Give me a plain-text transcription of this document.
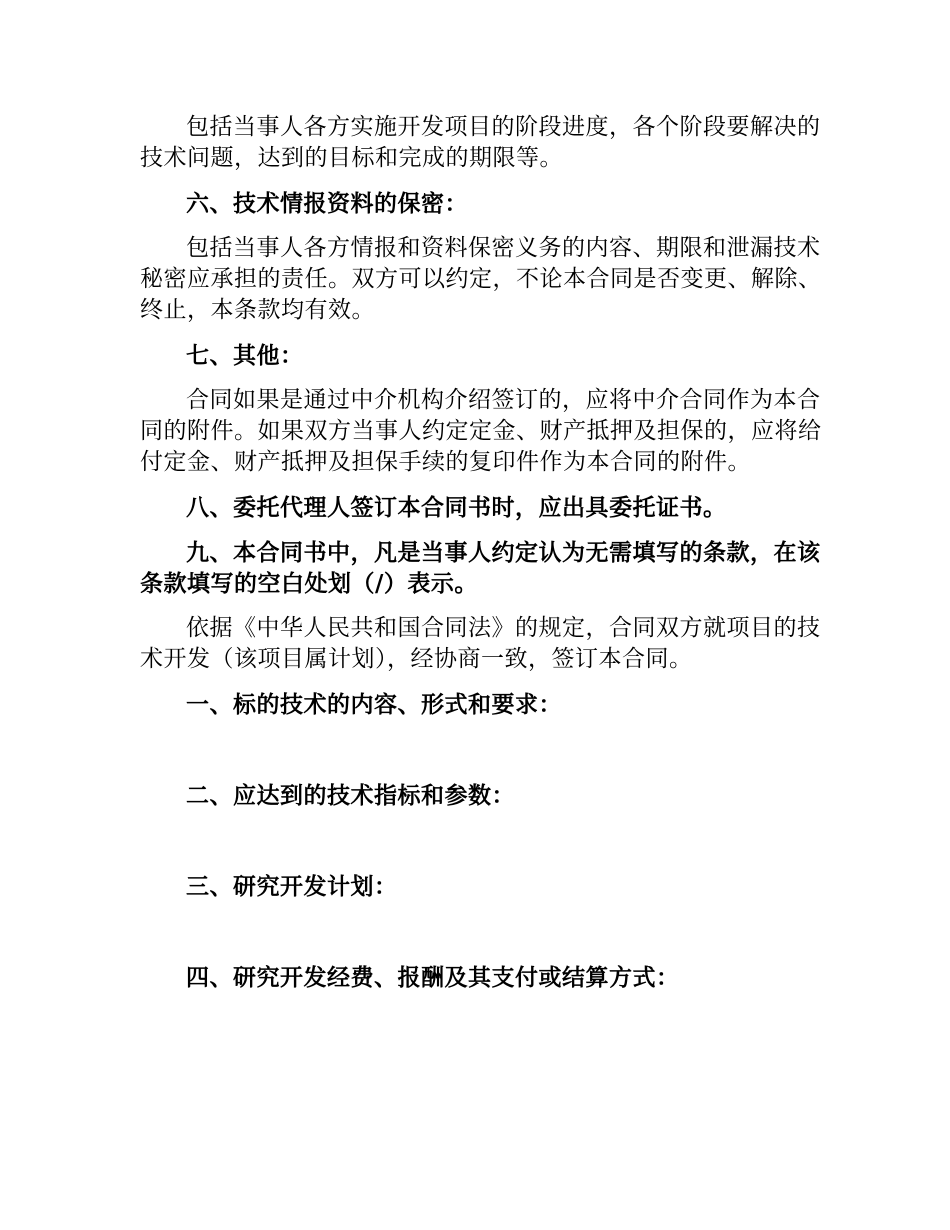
包括当事人各方实施开发项目的阶段进度，各个阶段要解决的技术问题，达到的目标和完成的期限等。

六、技术情报资料的保密：

包括当事人各方情报和资料保密义务的内容、期限和泄漏技术秘密应承担的责任。双方可以约定，不论本合同是否变更、解除、终止，本条款均有效。

七、其他：

合同如果是通过中介机构介绍签订的，应将中介合同作为本合同的附件。如果双方当事人约定定金、财产抵押及担保的，应将给付定金、财产抵押及担保手续的复印件作为本合同的附件。

八、委托代理人签订本合同书时，应出具委托证书。

九、本合同书中，凡是当事人约定认为无需填写的条款，在该条款填写的空白处划（/）表示。

依据《中华人民共和国合同法》的规定，合同双方就项目的技术开发（该项目属计划），经协商一致，签订本合同。

一、标的技术的内容、形式和要求：

二、应达到的技术指标和参数：

三、研究开发计划：

四、研究开发经费、报酬及其支付或结算方式：
